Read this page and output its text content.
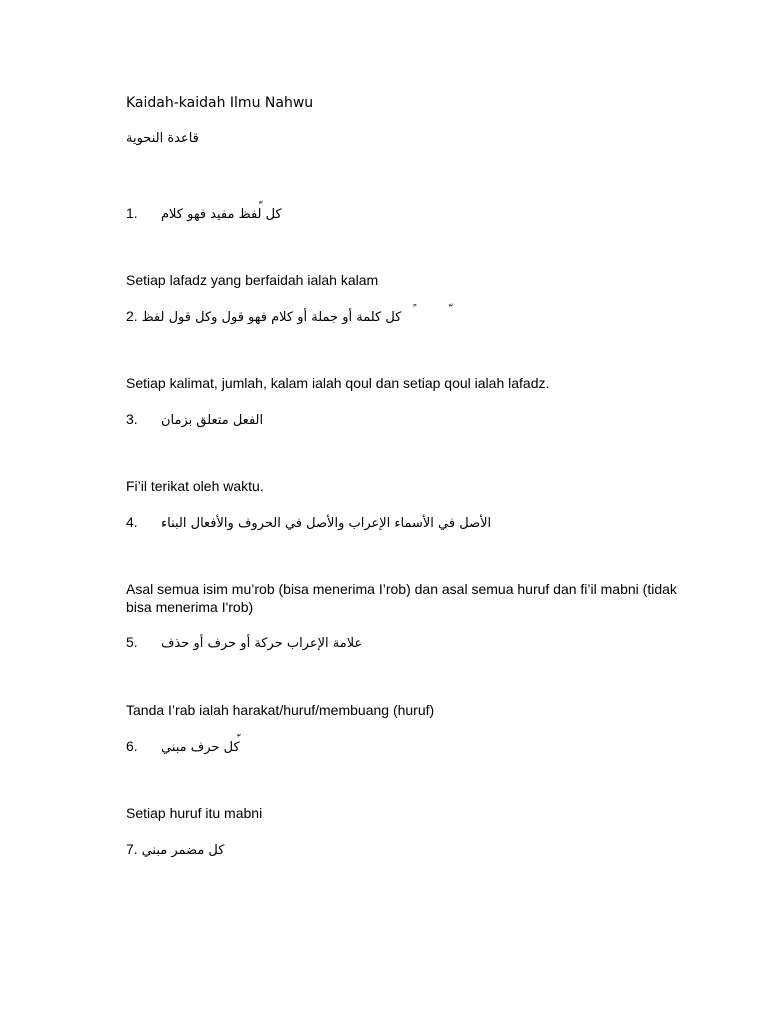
Kaidah-kaidah Ilmu Nahwu
قاعدة النحوية
1. كل لفظ مفيد فهو كلام
Setiap lafadz yang berfaidah ialah kalam
2. كل كلمة أو جملة أو كلام فهو قول وكل قول لفظ
Setiap kalimat, jumlah, kalam ialah qoul dan setiap qoul ialah lafadz.
3. الفعل متعلق بزمان
Fi’il terikat oleh waktu.
4. الأصل في الأسماء الإعراب والأصل في الحروف والأفعال البناء
Asal semua isim mu’rob (bisa menerima I’rob) dan asal semua huruf dan fi’il mabni (tidak bisa menerima I'rob)
5. علامة الإعراب حركة أو حرف أو حذف
Tanda I’rab ialah harakat/huruf/membuang (huruf)
6. كل حرف مبني
Setiap huruf itu mabni
7. كل مضمر مبني
